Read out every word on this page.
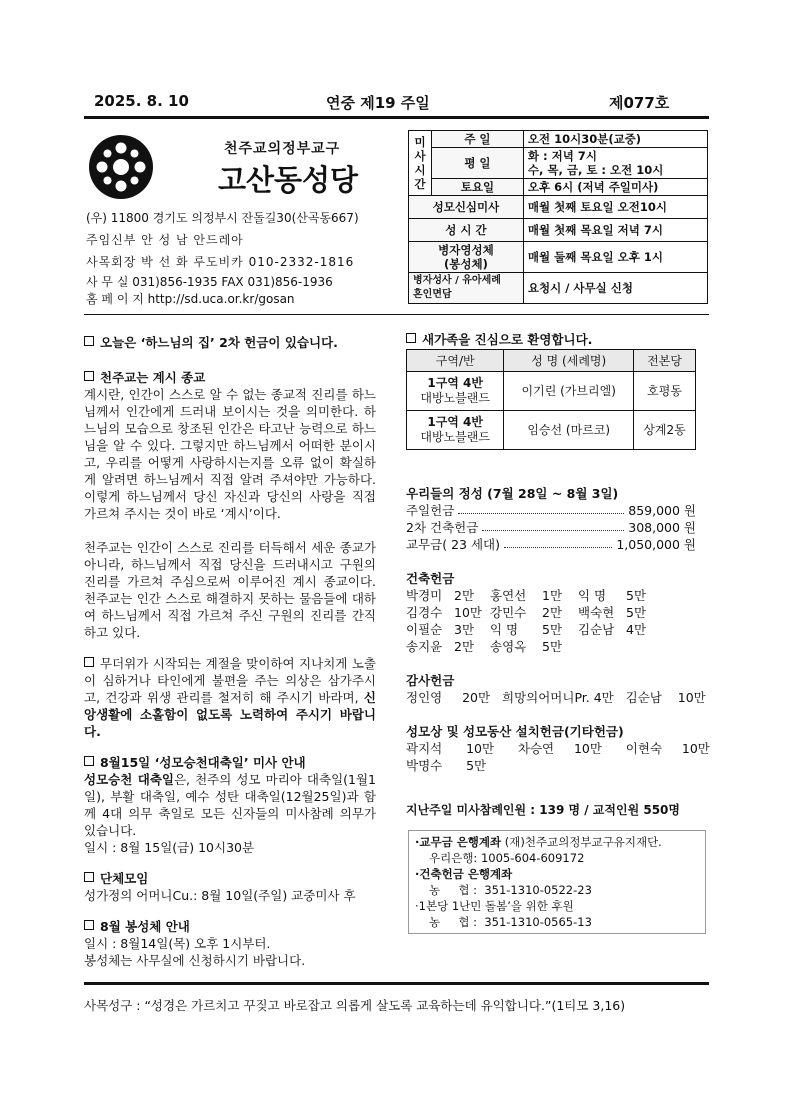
2025. 8. 10	연중 제19 주일	제077호
천주교의정부교구
고산동성당
(우) 11800 경기도 의정부시 잔돌길30(산곡동667)
주임신부 안 성 남 안드레아
사목회장 박 선 화 루도비카 010-2332-1816
사 무 실 031)856-1935 FAX 031)856-1936
홈 페 이 지 http://sd.uca.or.kr/gosan
미
사
시
간	주 일	오전 10시30분(교중)
	평 일	화 : 저녁 7시
수, 목, 금, 토 : 오전 10시
	토요일	오후 6시 (저녁 주일미사)
성모신심미사		매월 첫째 토요일 오전10시
성 시 간		매월 첫째 목요일 저녁 7시
병자영성체
(봉성체)		매월 둘째 목요일 오후 1시
병자성사 / 유아세례
혼인면담		요청시 / 사무실 신청
오늘은 ‘하느님의 집’ 2차 헌금이 있습니다.
천주교는 계시 종교
계시란, 인간이 스스로 알 수 없는 종교적 진리를 하느님께서 인간에게 드러내 보이시는 것을 의미한다. 하느님의 모습으로 창조된 인간은 타고난 능력으로 하느님을 알 수 있다. 그렇지만 하느님께서 어떠한 분이시고, 우리를 어떻게 사랑하시는지를 오류 없이 확실하게 알려면 하느님께서 직접 알려 주셔야만 가능하다. 이렇게 하느님께서 당신 자신과 당신의 사랑을 직접 가르쳐 주시는 것이 바로 ‘계시’이다.
천주교는 인간이 스스로 진리를 터득해서 세운 종교가 아니라, 하느님께서 직접 당신을 드러내시고 구원의 진리를 가르쳐 주심으로써 이루어진 계시 종교이다. 천주교는 인간 스스로 해결하지 못하는 물음들에 대하여 하느님께서 직접 가르쳐 주신 구원의 진리를 간직하고 있다.
무더위가 시작되는 계절을 맞이하여 지나치게 노출이 심하거나 타인에게 불편을 주는 의상은 삼가주시고, 건강과 위생 관리를 철저히 해 주시기 바라며, 신앙생활에 소홀함이 없도록 노력하여 주시기 바랍니다.
8월15일 ‘성모승천대축일’ 미사 안내
성모승천 대축일은, 천주의 성모 마리아 대축일(1월1일), 부활 대축일, 예수 성탄 대축일(12월25일)과 함께 4대 의무 축일로 모든 신자들의 미사참례 의무가 있습니다.
일시 : 8월 15일(금) 10시30분
단체모임
성가정의 어머니Cu.: 8월 10일(주일) 교중미사 후
8월 봉성체 안내
일시 : 8월14일(목) 오후 1시부터.
봉성체는 사무실에 신청하시기 바랍니다.
새가족을 진심으로 환영합니다.
구역/반	성 명 (세례명)	전본당
1구역 4반
대방노블랜드	이기린 (가브리엘)	호평동
1구역 4반
대방노블랜드	임승선 (마르코)	상계2동
우리들의 정성 (7월 28일 ~ 8월 3일)
주일헌금	859,000 원
2차 건축헌금	308,000 원
교무금( 23 세대)	1,050,000 원
건축헌금
박경미 2만	홍연선	1만	익 명	5만
김경수 10만 강민수	2만	백숙현 5만
이필순 3만	익 명	5만	김순남 4만
송지윤 2만	송영옥	5만
감사헌금
정인영     20만   희망의어머니Pr. 4만   김순남    10만
성모상 및 성모동산 설치헌금(기타헌금)
곽지석      10만      차승연     10만      이현숙     10만
박명수      5만
지난주일 미사참례인원 : 139 명 / 교적인원 550명
·교무금 은행계좌 (재)천주교의정부교구유지재단.
우리은행: 1005-604-609172
·건축헌금 은행계좌
농     협 :  351-1310-0522-23
·1본당 1난민 돌봄’을 위한 후원
농     협 :  351-1310-0565-13
사목성구 : “성경은 가르치고 꾸짖고 바로잡고 의롭게 살도록 교육하는데 유익합니다.”(1티모 3,16)
